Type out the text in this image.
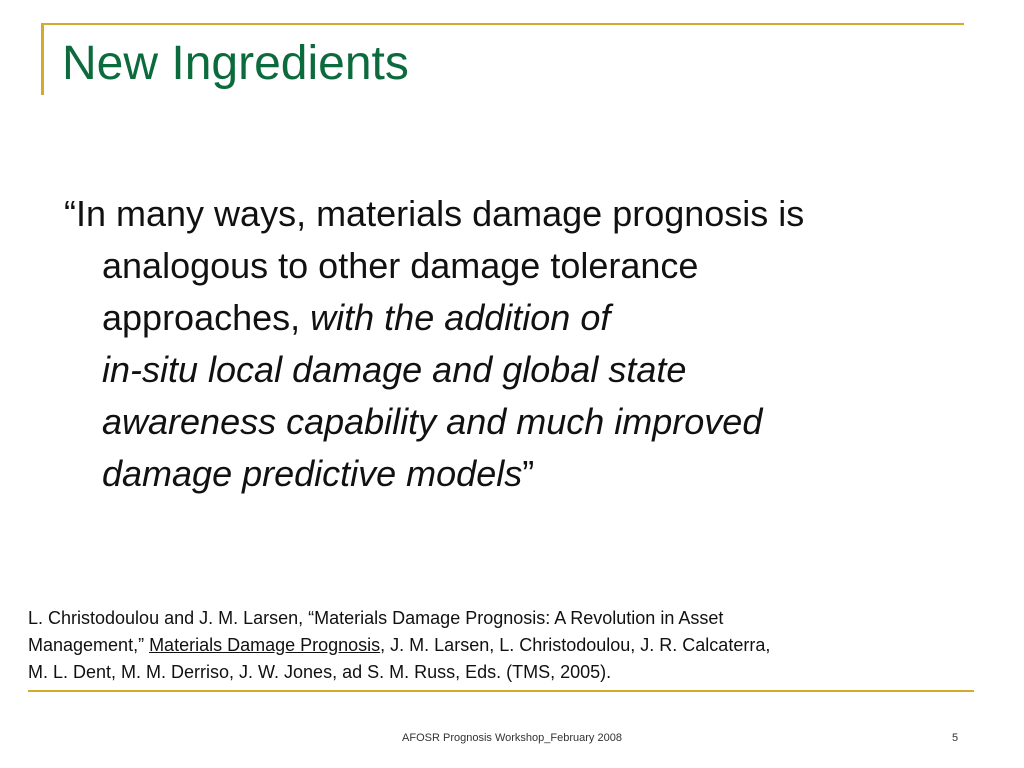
New Ingredients
“In many ways, materials damage prognosis is
analogous to other damage tolerance
approaches, with the addition of
in-situ local damage and global state
awareness capability and much improved
damage predictive models”
L. Christodoulou and J. M. Larsen, “Materials Damage Prognosis: A Revolution in Asset
Management,” Materials Damage Prognosis, J. M. Larsen, L. Christodoulou, J. R. Calcaterra,
M. L. Dent, M. M. Derriso, J. W. Jones, ad S. M. Russ, Eds. (TMS, 2005).
AFOSR Prognosis Workshop_February 2008	5
